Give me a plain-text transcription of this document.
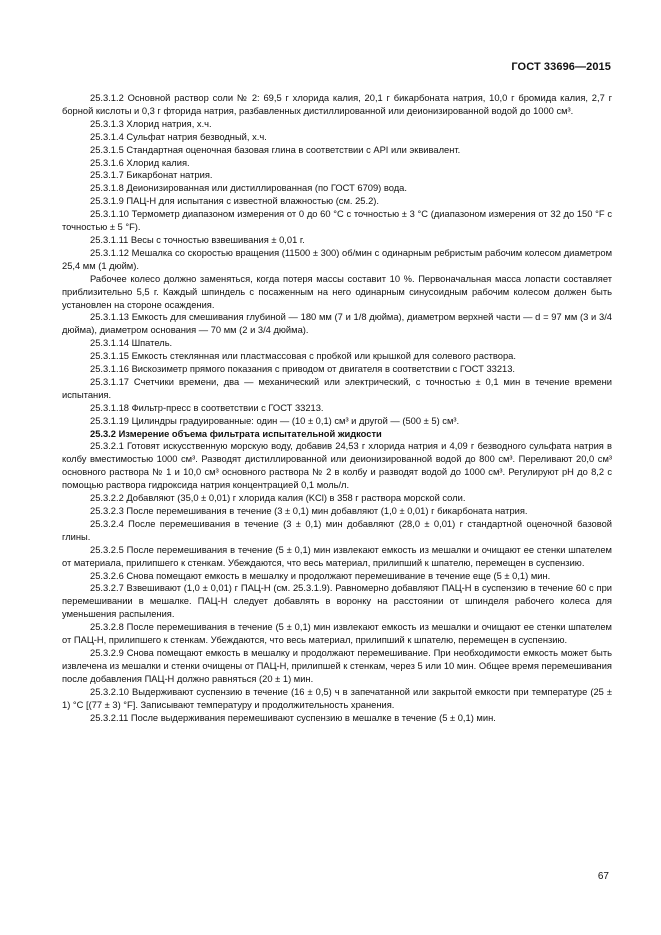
ГОСТ 33696—2015

25.3.1.2 Основной раствор соли № 2: 69,5 г хлорида калия, 20,1 г бикарбоната натрия, 10,0 г бромида калия, 2,7 г борной кислоты и 0,3 г фторида натрия, разбавленных дистиллированной или деионизированной водой до 1000 см³.

25.3.1.3 Хлорид натрия, х.ч.

25.3.1.4 Сульфат натрия безводный, х.ч.

25.3.1.5 Стандартная оценочная базовая глина в соответствии с API или эквивалент.

25.3.1.6 Хлорид калия.

25.3.1.7 Бикарбонат натрия.

25.3.1.8 Деионизированная или дистиллированная (по ГОСТ 6709) вода.

25.3.1.9 ПАЦ-Н для испытания с известной влажностью (см. 25.2).

25.3.1.10 Термометр диапазоном измерения от 0 до 60 °С с точностью ± 3 °С (диапазоном измерения от 32 до 150 °F с точностью ± 5 °F).

25.3.1.11 Весы с точностью взвешивания ± 0,01 г.

25.3.1.12 Мешалка со скоростью вращения (11500 ± 300) об/мин с одинарным ребристым рабочим колесом диаметром 25,4 мм (1 дюйм).

Рабочее колесо должно заменяться, когда потеря массы составит 10 %. Первоначальная масса лопасти составляет приблизительно 5,5 г. Каждый шпиндель с посаженным на него одинарным синусоидным рабочим колесом должен быть установлен на стороне осаждения.

25.3.1.13 Емкость для смешивания глубиной — 180 мм (7 и 1/8 дюйма), диаметром верхней части — d = 97 мм (3 и 3/4 дюйма), диаметром основания — 70 мм (2 и 3/4 дюйма).

25.3.1.14 Шпатель.

25.3.1.15 Емкость стеклянная или пластмассовая с пробкой или крышкой для солевого раствора.

25.3.1.16 Вискозиметр прямого показания с приводом от двигателя в соответствии с ГОСТ 33213.

25.3.1.17 Счетчики времени, два — механический или электрический, с точностью ± 0,1 мин в течение времени испытания.

25.3.1.18 Фильтр-пресс в соответствии с ГОСТ 33213.

25.3.1.19 Цилиндры градуированные: один — (10 ± 0,1) см³ и другой — (500 ± 5) см³.

25.3.2 Измерение объема фильтрата испытательной жидкости

25.3.2.1 Готовят искусственную морскую воду, добавив 24,53 г хлорида натрия и 4,09 г безводного сульфата натрия в колбу вместимостью 1000 см³. Разводят дистиллированной или деионизированной водой до 800 см³. Переливают 20,0 см³ основного раствора № 1 и 10,0 см³ основного раствора № 2 в колбу и разводят водой до 1000 см³. Регулируют pH до 8,2 с помощью раствора гидроксида натрия концентрацией 0,1 моль/л.

25.3.2.2 Добавляют (35,0 ± 0,01) г хлорида калия (KCl) в 358 г раствора морской соли.

25.3.2.3 После перемешивания в течение (3 ± 0,1) мин добавляют (1,0 ± 0,01) г бикарбоната натрия.

25.3.2.4 После перемешивания в течение (3 ± 0,1) мин добавляют (28,0 ± 0,01) г стандартной оценочной базовой глины.

25.3.2.5 После перемешивания в течение (5 ± 0,1) мин извлекают емкость из мешалки и очищают ее стенки шпателем от материала, прилипшего к стенкам. Убеждаются, что весь материал, прилипший к шпателю, перемещен в суспензию.

25.3.2.6 Снова помещают емкость в мешалку и продолжают перемешивание в течение еще (5 ± 0,1) мин.

25.3.2.7 Взвешивают (1,0 ± 0,01) г ПАЦ-Н (см. 25.3.1.9). Равномерно добавляют ПАЦ-Н в суспензию в течение 60 с при перемешивании в мешалке. ПАЦ-Н следует добавлять в воронку на расстоянии от шпинделя рабочего колеса для уменьшения распыления.

25.3.2.8 После перемешивания в течение (5 ± 0,1) мин извлекают емкость из мешалки и очищают ее стенки шпателем от ПАЦ-Н, прилипшего к стенкам. Убеждаются, что весь материал, прилипший к шпателю, перемещен в суспензию.

25.3.2.9 Снова помещают емкость в мешалку и продолжают перемешивание. При необходимости емкость может быть извлечена из мешалки и стенки очищены от ПАЦ-Н, прилипшей к стенкам, через 5 или 10 мин. Общее время перемешивания после добавления ПАЦ-Н должно равняться (20 ± 1) мин.

25.3.2.10 Выдерживают суспензию в течение (16 ± 0,5) ч в запечатанной или закрытой емкости при температуре (25 ± 1) °С [(77 ± 3) °F]. Записывают температуру и продолжительность хранения.

25.3.2.11 После выдерживания перемешивают суспензию в мешалке в течение (5 ± 0,1) мин.

67
